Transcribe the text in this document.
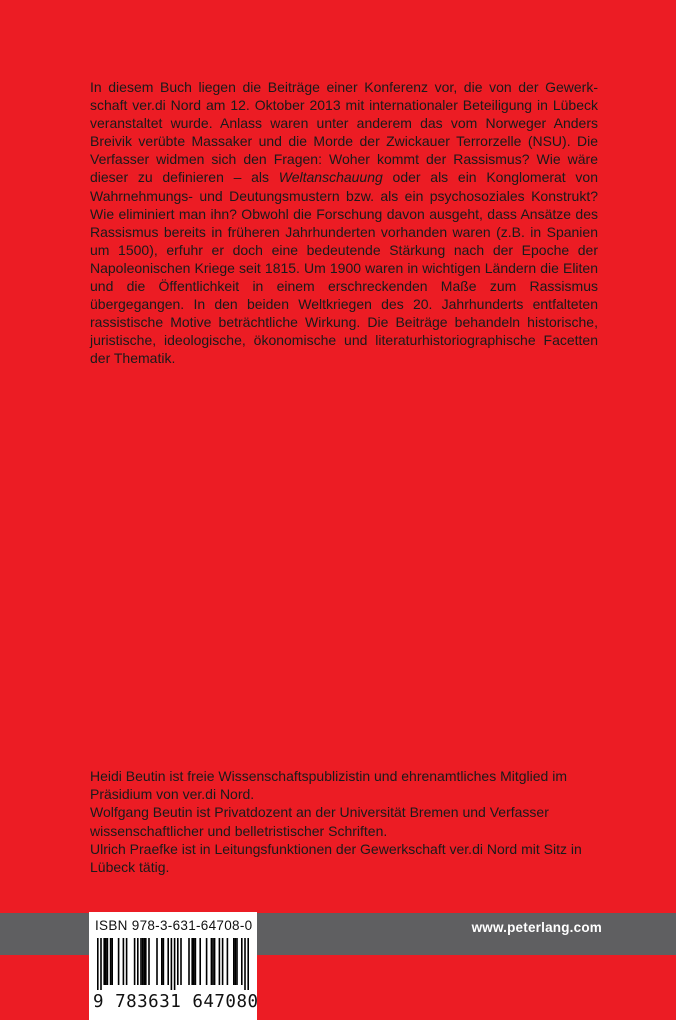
In diesem Buch liegen die Beiträge einer Konferenz vor, die von der Gewerkschaft ver.di Nord am 12. Oktober 2013 mit internationaler Beteiligung in Lübeck veranstaltet wurde. Anlass waren unter anderem das vom Norweger Anders Breivik verübte Massaker und die Morde der Zwickauer Terrorzelle (NSU). Die Verfasser widmen sich den Fragen: Woher kommt der Rassismus? Wie wäre dieser zu definieren – als Weltanschauung oder als ein Konglomerat von Wahrnehmungs- und Deutungsmustern bzw. als ein psychosoziales Konstrukt? Wie eliminiert man ihn? Obwohl die Forschung davon ausgeht, dass Ansätze des Rassismus bereits in früheren Jahrhunderten vorhanden waren (z.B. in Spanien um 1500), erfuhr er doch eine bedeutende Stärkung nach der Epoche der Napoleonischen Kriege seit 1815. Um 1900 waren in wichtigen Ländern die Eliten und die Öffentlichkeit in einem erschreckenden Maße zum Rassismus übergegangen. In den beiden Weltkriegen des 20. Jahrhunderts entfalteten rassistische Motive beträchtliche Wirkung. Die Beiträge behandeln historische, juristische, ideologische, ökonomische und literaturhistoriographische Facetten der Thematik.

Heidi Beutin ist freie Wissenschaftspublizistin und ehrenamtliches Mitglied im Präsidium von ver.di Nord.

Wolfgang Beutin ist Privatdozent an der Universität Bremen und Verfasser wissenschaftlicher und belletristischer Schriften.

Ulrich Praefke ist in Leitungsfunktionen der Gewerkschaft ver.di Nord mit Sitz in Lübeck tätig.

www.peterlang.com
ISBN 978-3-631-64708-0
9 783631 647080
